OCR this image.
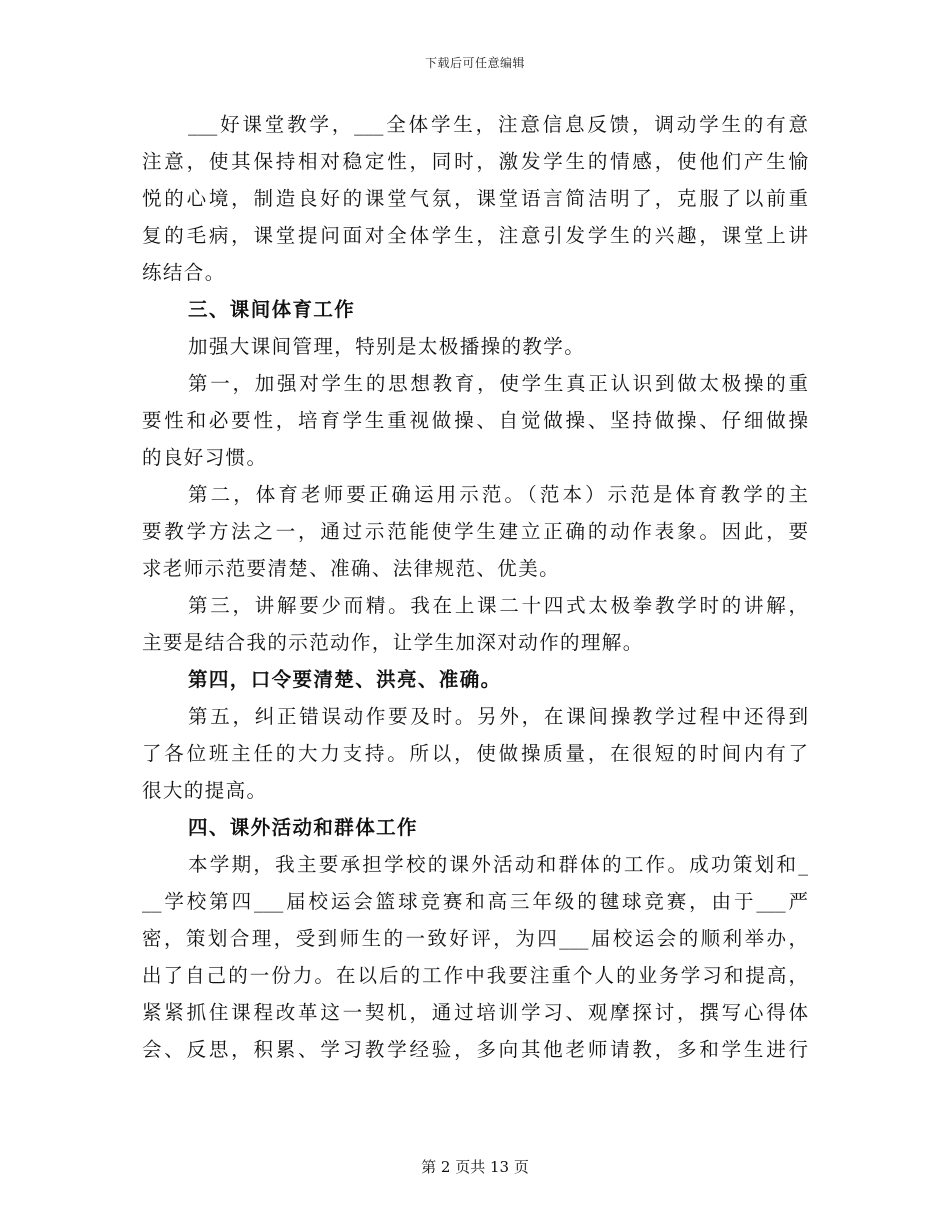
下载后可任意编辑
___好课堂教学，___全体学生，注意信息反馈，调动学生的有意
注意，使其保持相对稳定性，同时，激发学生的情感，使他们产生愉
悦的心境，制造良好的课堂气氛，课堂语言简洁明了，克服了以前重
复的毛病，课堂提问面对全体学生，注意引发学生的兴趣，课堂上讲
练结合。
三、课间体育工作
加强大课间管理，特别是太极播操的教学。
第一，加强对学生的思想教育，使学生真正认识到做太极操的重
要性和必要性，培育学生重视做操、自觉做操、坚持做操、仔细做操
的良好习惯。
第二，体育老师要正确运用示范。（范本）示范是体育教学的主
要教学方法之一，通过示范能使学生建立正确的动作表象。因此，要
求老师示范要清楚、准确、法律规范、优美。
第三，讲解要少而精。我在上课二十四式太极拳教学时的讲解，
主要是结合我的示范动作，让学生加深对动作的理解。
第四，口令要清楚、洪亮、准确。
第五，纠正错误动作要及时。另外，在课间操教学过程中还得到
了各位班主任的大力支持。所以，使做操质量，在很短的时间内有了
很大的提高。
四、课外活动和群体工作
本学期，我主要承担学校的课外活动和群体的工作。成功策划和_
__学校第四___届校运会篮球竞赛和高三年级的毽球竞赛，由于___严
密，策划合理，受到师生的一致好评，为四___届校运会的顺利举办，
出了自己的一份力。在以后的工作中我要注重个人的业务学习和提高，
紧紧抓住课程改革这一契机，通过培训学习、观摩探讨，撰写心得体
会、反思，积累、学习教学经验，多向其他老师请教，多和学生进行
第 2 页共 13 页
